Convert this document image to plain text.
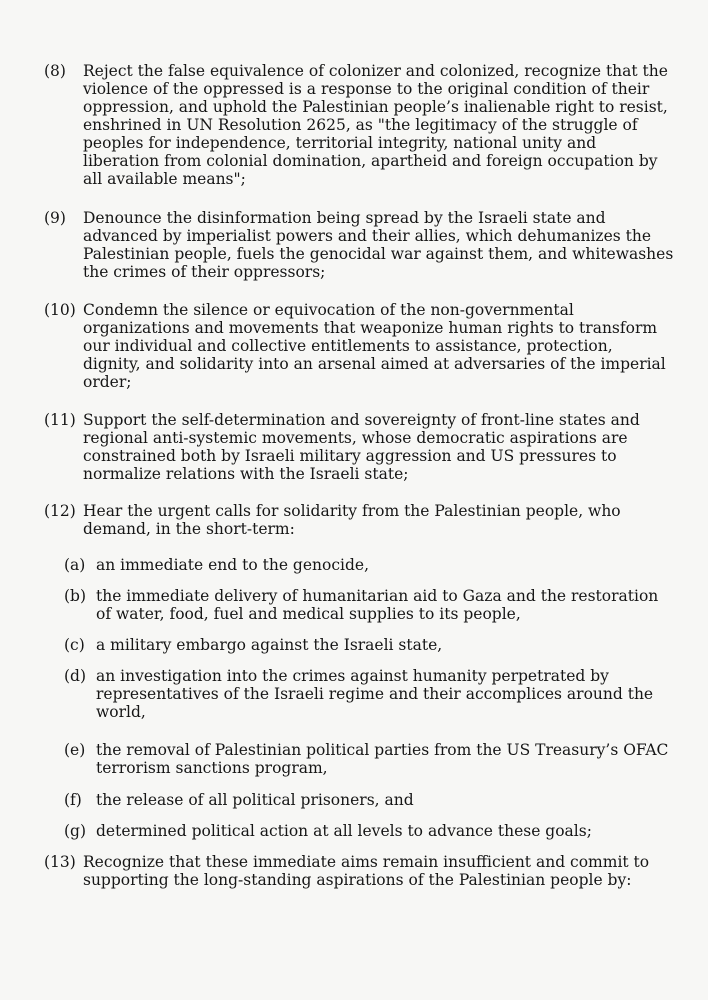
(8) Reject the false equivalence of colonizer and colonized, recognize that the
violence of the oppressed is a response to the original condition of their
oppression, and uphold the Palestinian people’s inalienable right to resist,
enshrined in UN Resolution 2625, as "the legitimacy of the struggle of
peoples for independence, territorial integrity, national unity and
liberation from colonial domination, apartheid and foreign occupation by
all available means";
(9) Denounce the disinformation being spread by the Israeli state and
advanced by imperialist powers and their allies, which dehumanizes the
Palestinian people, fuels the genocidal war against them, and whitewashes
the crimes of their oppressors;
(10) Condemn the silence or equivocation of the non-governmental
organizations and movements that weaponize human rights to transform
our individual and collective entitlements to assistance, protection,
dignity, and solidarity into an arsenal aimed at adversaries of the imperial
order;
(11) Support the self-determination and sovereignty of front-line states and
regional anti-systemic movements, whose democratic aspirations are
constrained both by Israeli military aggression and US pressures to
normalize relations with the Israeli state;
(12) Hear the urgent calls for solidarity from the Palestinian people, who
demand, in the short-term:
(a) an immediate end to the genocide,
(b) the immediate delivery of humanitarian aid to Gaza and the restoration
of water, food, fuel and medical supplies to its people,
(c) a military embargo against the Israeli state,
(d) an investigation into the crimes against humanity perpetrated by
representatives of the Israeli regime and their accomplices around the
world,
(e) the removal of Palestinian political parties from the US Treasury’s OFAC
terrorism sanctions program,
(f) the release of all political prisoners, and
(g) determined political action at all levels to advance these goals;
(13) Recognize that these immediate aims remain insufficient and commit to
supporting the long-standing aspirations of the Palestinian people by:
